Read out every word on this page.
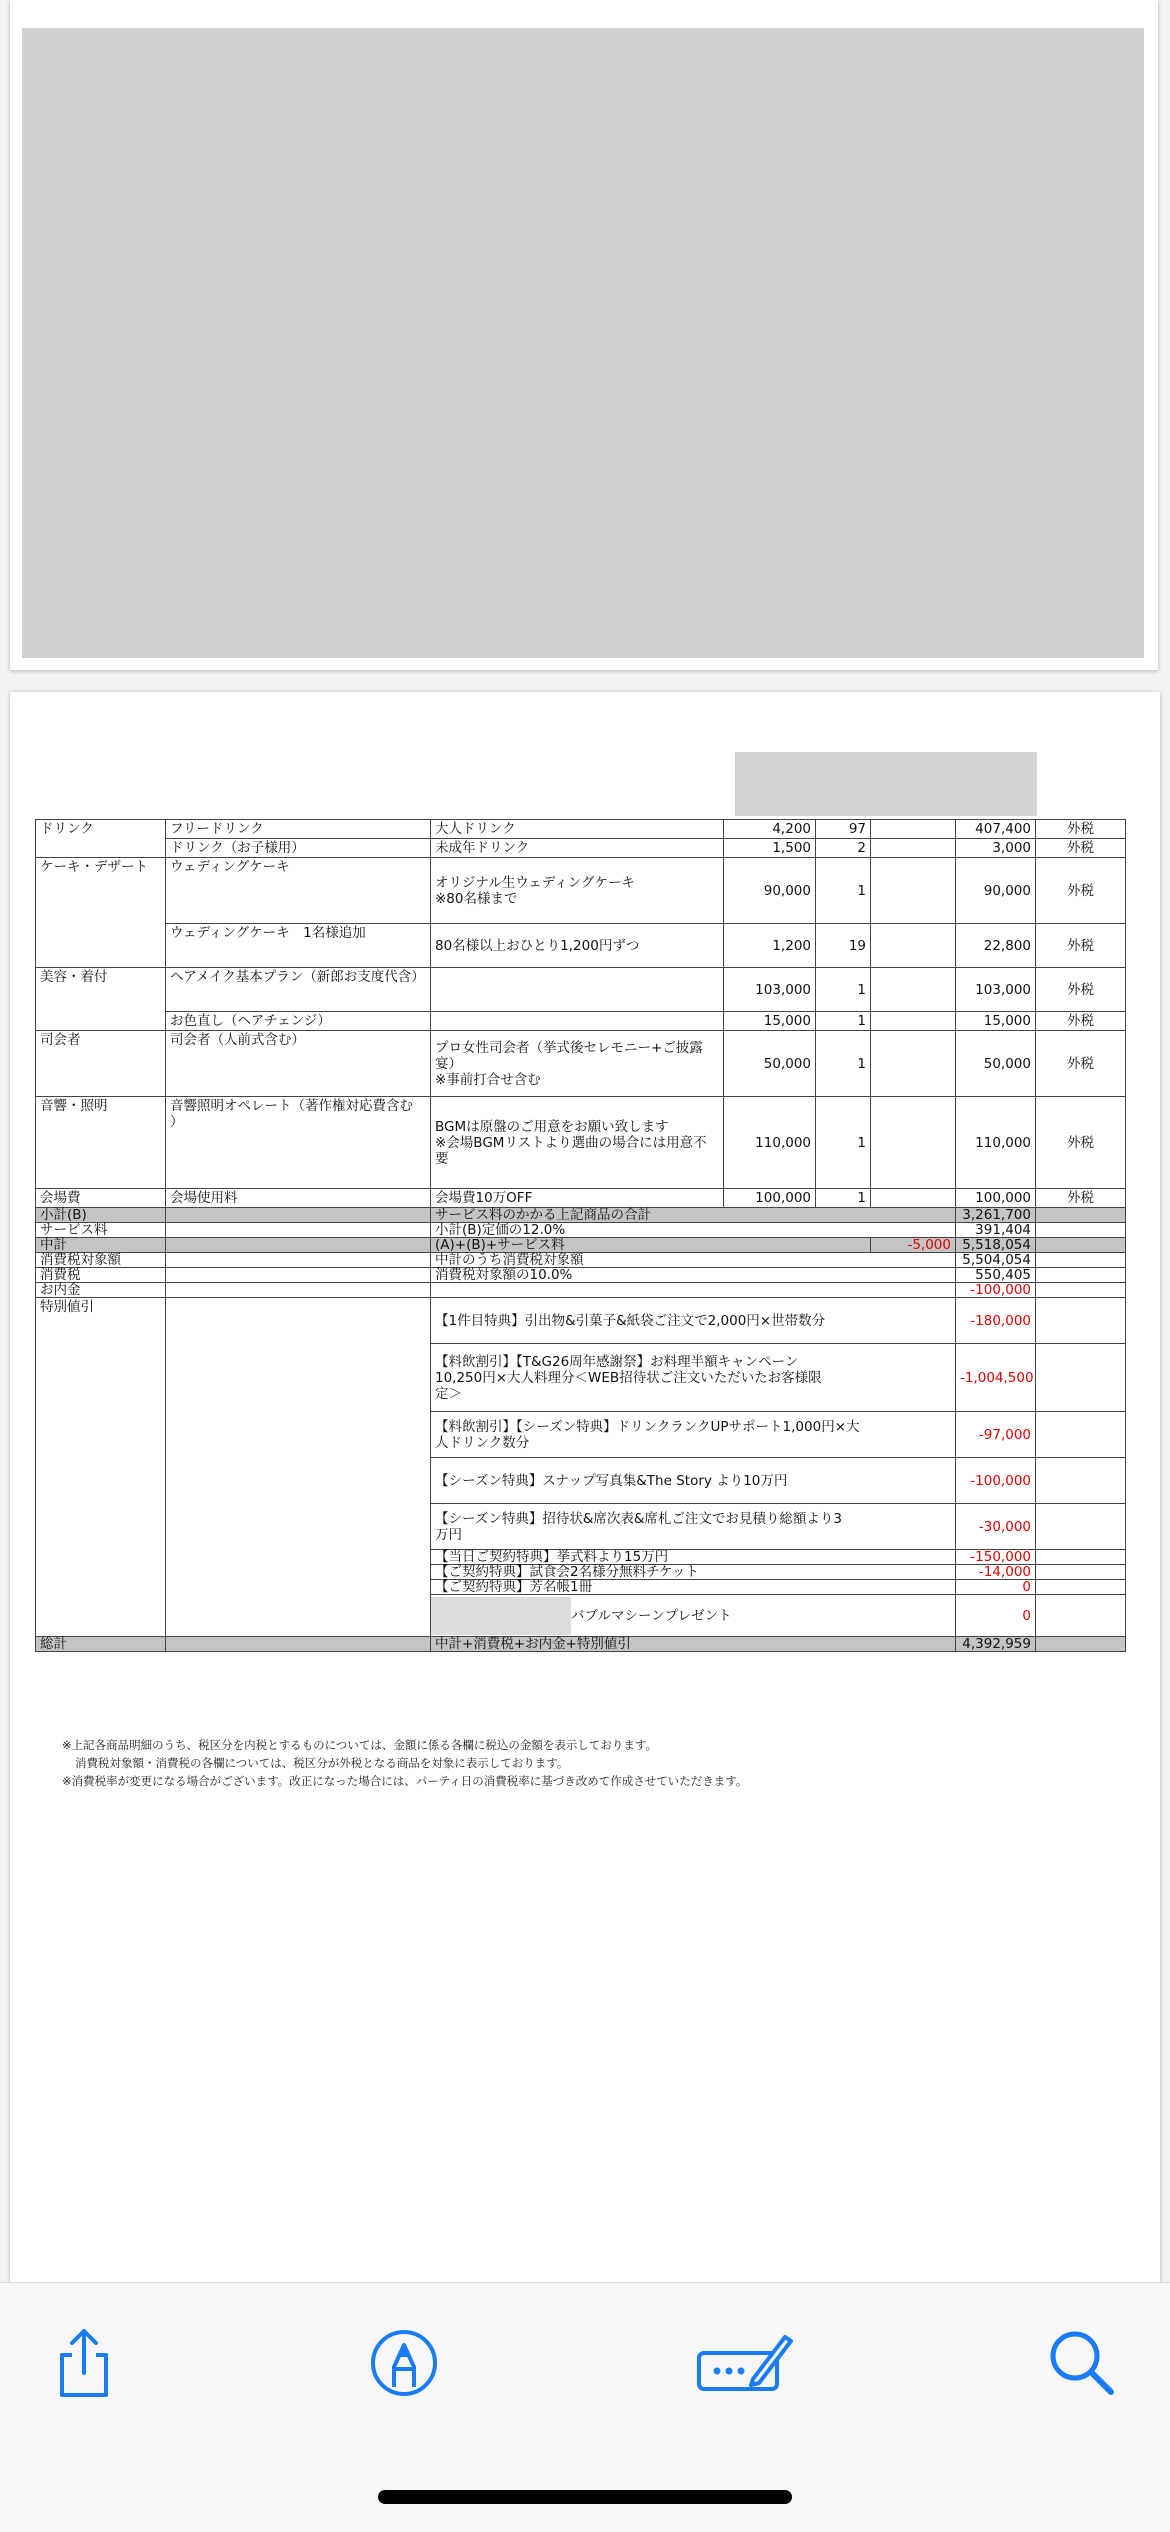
ドリンク	フリードリンク	大人ドリンク	4,200	97		407,400	外税
	ドリンク（お子様用）	未成年ドリンク	1,500	2		3,000	外税
ケーキ・デザート	ウェディングケーキ	オリジナル生ウェディングケーキ
※80名様まで	90,000	1		90,000	外税
	ウェディングケーキ　1名様追加	80名様以上おひとり1,200円ずつ	1,200	19		22,800	外税
美容・着付	ヘアメイク基本プラン（新郎お支度代含）		103,000	1		103,000	外税
	お色直し（ヘアチェンジ）		15,000	1		15,000	外税
司会者	司会者（人前式含む）	プロ女性司会者（挙式後セレモニー+ご披露
宴）
※事前打合せ含む	50,000	1		50,000	外税
音響・照明	音響照明オペレート（著作権対応費含む
）	BGMは原盤のご用意をお願い致します
※会場BGMリストより選曲の場合には用意不
要	110,000	1		110,000	外税
会場費	会場使用料	会場費10万OFF	100,000	1		100,000	外税
小計(B)		サービス料のかかる上記商品の合計				3,261,700	
サービス料		小計(B)定価の12.0%				391,404	
中計		(A)+(B)+サービス料			-5,000	5,518,054	
消費税対象額		中計のうち消費税対象額				5,504,054	
消費税		消費税対象額の10.0%				550,405	
お内金						-100,000	
特別値引		【1件目特典】引出物&引菓子&紙袋ご注文で2,000円×世帯数分				-180,000	
		【料飲割引】【T&G26周年感謝祭】お料理半額キャンペーン
10,250円×大人料理分＜WEB招待状ご注文いただいたお客様限
定＞				-1,004,500	
		【料飲割引】【シーズン特典】ドリンクランクUPサポート1,000円×大
人ドリンク数分				-97,000	
		【シーズン特典】スナップ写真集&The Story より10万円				-100,000	
		【シーズン特典】招待状&席次表&席札ご注文でお見積り総額より3
万円				-30,000	
		【当日ご契約特典】挙式料より15万円				-150,000	
		【ご契約特典】試食会2名様分無料チケット				-14,000	
		【ご契約特典】芳名帳1冊				0	
		バブルマシーンプレゼント				0	
総計		中計+消費税+お内金+特別値引				4,392,959	
※上記各商品明細のうち、税区分を内税とするものについては、金額に係る各欄に税込の金額を表示しております。
消費税対象額・消費税の各欄については、税区分が外税となる商品を対象に表示しております。
※消費税率が変更になる場合がございます。改正になった場合には、パーティ日の消費税率に基づき改めて作成させていただきます。
